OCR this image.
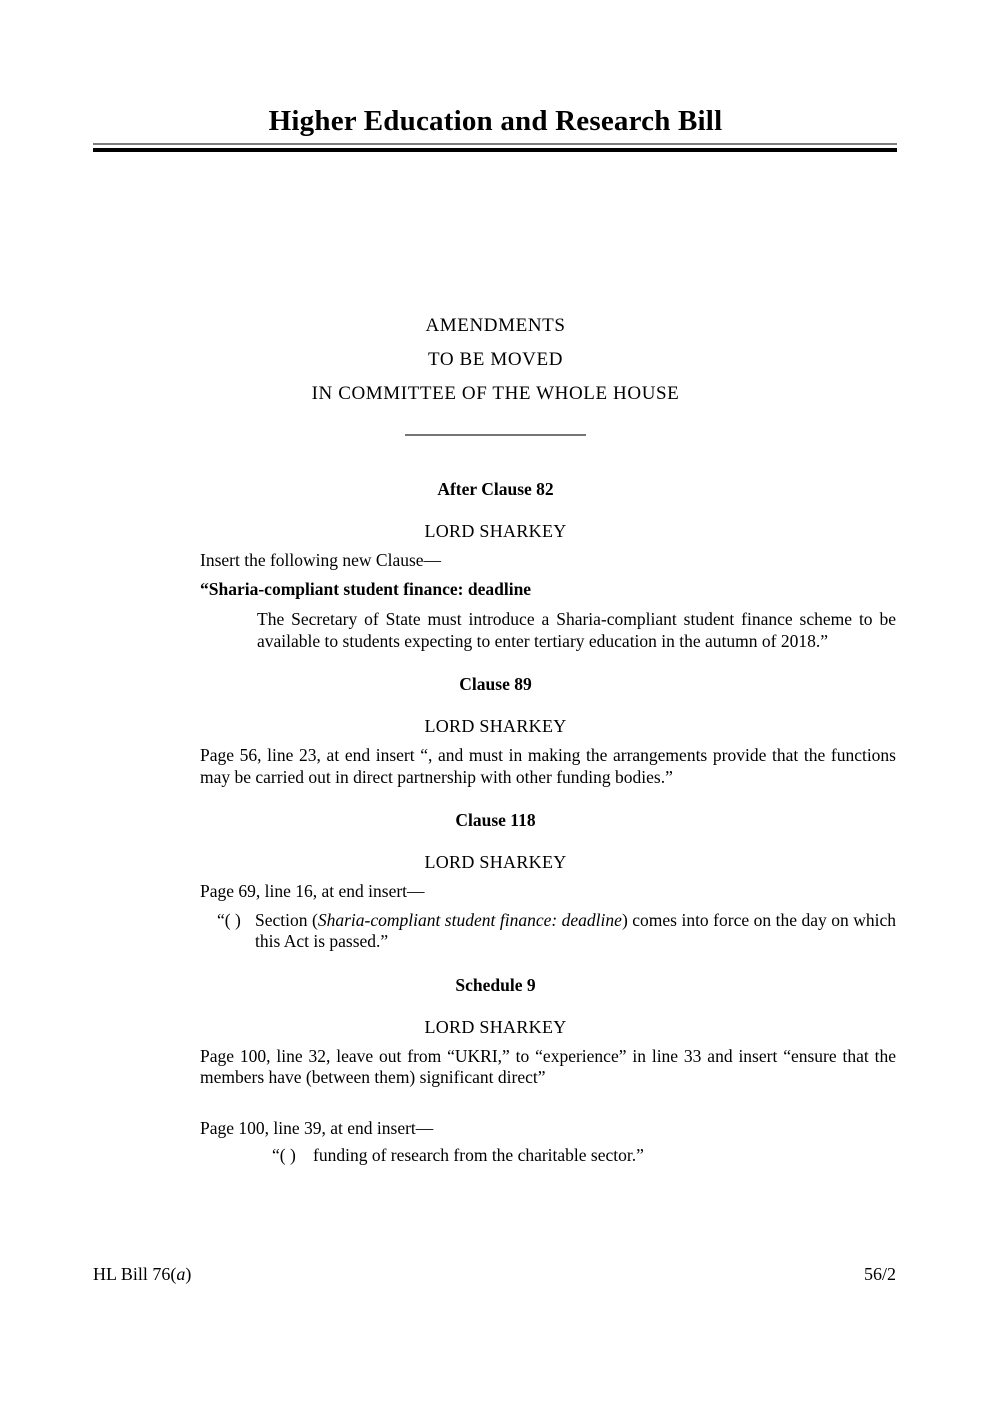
Higher Education and Research Bill
AMENDMENTS
TO BE MOVED
IN COMMITTEE OF THE WHOLE HOUSE
After Clause 82
LORD SHARKEY

Insert the following new Clause—

“Sharia-compliant student finance: deadline

The Secretary of State must introduce a Sharia-compliant student finance scheme to be available to students expecting to enter tertiary education in the autumn of 2018.”

Clause 89
LORD SHARKEY

Page 56, line 23, at end insert “, and must in making the arrangements provide that the functions may be carried out in direct partnership with other funding bodies.”

Clause 118
LORD SHARKEY

Page 69, line 16, at end insert—

“( ) Section (Sharia-compliant student finance: deadline) comes into force on the day on which this Act is passed.”
Schedule 9
LORD SHARKEY

Page 100, line 32, leave out from “UKRI,” to “experience” in line 33 and insert “ensure that the members have (between them) significant direct”

Page 100, line 39, at end insert—

“( ) funding of research from the charitable sector.”
HL Bill 76(a)	56/2
